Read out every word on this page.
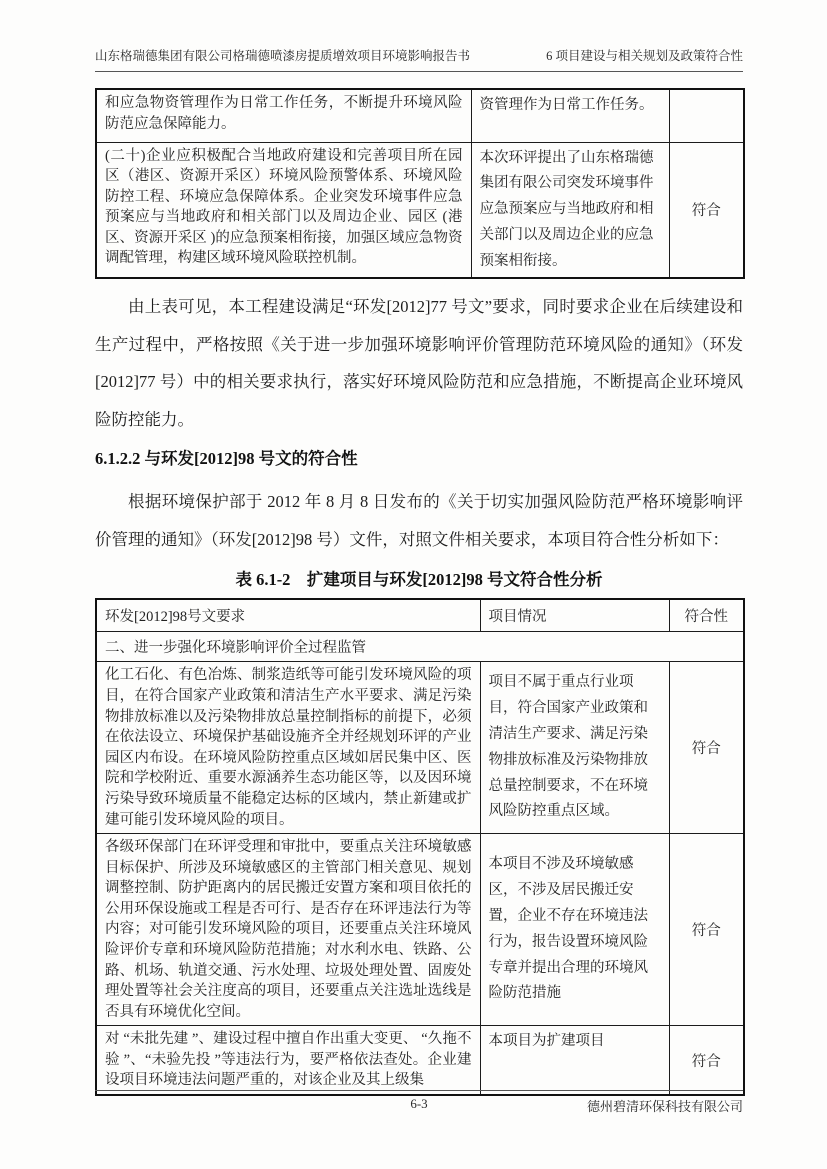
山东格瑞德集团有限公司格瑞德喷漆房提质增效项目环境影响报告书	6 项目建设与相关规划及政策符合性
和应急物资管理作为日常工作任务，不断提升环境风险防范应急保障能力。	资管理作为日常工作任务。	
(二十)企业应积极配合当地政府建设和完善项目所在园区（港区、资源开采区）环境风险预警体系、环境风险防控工程、环境应急保障体系。企业突发环境事件应急预案应与当地政府和相关部门以及周边企业、园区 (港区、资源开采区 )的应急预案相衔接，加强区域应急物资调配管理，构建区域环境风险联控机制。	本次环评提出了山东格瑞德集团有限公司突发环境事件应急预案应与当地政府和相关部门以及周边企业的应急预案相衔接。	符合

由上表可见，本工程建设满足“环发[2012]77 号文”要求，同时要求企业在后续建设和生产过程中，严格按照《关于进一步加强环境影响评价管理防范环境风险的通知》（环发[2012]77 号）中的相关要求执行，落实好环境风险防范和应急措施，不断提高企业环境风险防控能力。

6.1.2.2 与环发[2012]98 号文的符合性

根据环境保护部于 2012 年 8 月 8 日发布的《关于切实加强风险防范严格环境影响评价管理的通知》（环发[2012]98 号）文件，对照文件相关要求，本项目符合性分析如下：

表 6.1-2　扩建项目与环发[2012]98 号文符合性分析
环发[2012]98号文要求	项目情况	符合性
二、进一步强化环境影响评价全过程监管		
化工石化、有色冶炼、制浆造纸等可能引发环境风险的项目，在符合国家产业政策和清洁生产水平要求、满足污染物排放标准以及污染物排放总量控制指标的前提下，必须在依法设立、环境保护基础设施齐全并经规划环评的产业园区内布设。在环境风险防控重点区域如居民集中区、医院和学校附近、重要水源涵养生态功能区等，以及因环境污染导致环境质量不能稳定达标的区域内，禁止新建或扩建可能引发环境风险的项目。	项目不属于重点行业项目，符合国家产业政策和清洁生产要求、满足污染物排放标准及污染物排放总量控制要求，不在环境风险防控重点区域。	符合
各级环保部门在环评受理和审批中，要重点关注环境敏感目标保护、所涉及环境敏感区的主管部门相关意见、规划调整控制、防护距离内的居民搬迁安置方案和项目依托的公用环保设施或工程是否可行、是否存在环评违法行为等内容；对可能引发环境风险的项目，还要重点关注环境风险评价专章和环境风险防范措施；对水利水电、铁路、公路、机场、轨道交通、污水处理、垃圾处理处置、固废处理处置等社会关注度高的项目，还要重点关注选址选线是否具有环境优化空间。	本项目不涉及环境敏感区，不涉及居民搬迁安置，企业不存在环境违法行为，报告设置环境风险专章并提出合理的环境风险防范措施	符合
对 “未批先建 ”、建设过程中擅自作出重大变更、 “久拖不验 ”、“未验先投 ”等违法行为，要严格依法查处。企业建设项目环境违法问题严重的，对该企业及其上级集	本项目为扩建项目	符合
6-3	德州碧清环保科技有限公司
